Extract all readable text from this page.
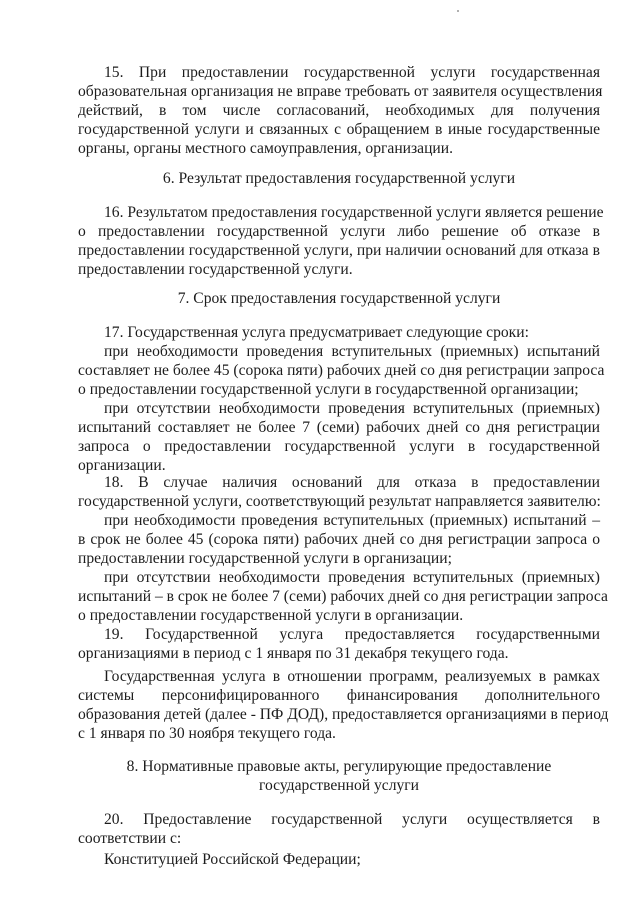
15. При предоставлении государственной услуги государственная
образовательная организация не вправе требовать от заявителя осуществления
действий, в том числе согласований, необходимых для получения
государственной услуги и связанных с обращением в иные государственные
органы, органы местного самоуправления, организации.
6. Результат предоставления государственной услуги
16. Результатом предоставления государственной услуги является решение
о предоставлении государственной услуги либо решение об отказе в
предоставлении государственной услуги, при наличии оснований для отказа в
предоставлении государственной услуги.
7. Срок предоставления государственной услуги
17. Государственная услуга предусматривает следующие сроки:
при необходимости проведения вступительных (приемных) испытаний
составляет не более 45 (сорока пяти) рабочих дней со дня регистрации запроса
о предоставлении государственной услуги в государственной организации;
при отсутствии необходимости проведения вступительных (приемных)
испытаний составляет не более 7 (семи) рабочих дней со дня регистрации
запроса о предоставлении государственной услуги в государственной
организации.
18. В случае наличия оснований для отказа в предоставлении
государственной услуги, соответствующий результат направляется заявителю:
при необходимости проведения вступительных (приемных) испытаний –
в срок не более 45 (сорока пяти) рабочих дней со дня регистрации запроса о
предоставлении государственной услуги в организации;
при отсутствии необходимости проведения вступительных (приемных)
испытаний – в срок не более 7 (семи) рабочих дней со дня регистрации запроса
о предоставлении государственной услуги в организации.
19. Государственной услуга предоставляется государственными
организациями в период с 1 января по 31 декабря текущего года.
Государственная услуга в отношении программ, реализуемых в рамках
системы персонифицированного финансирования дополнительного
образования детей (далее - ПФ ДОД), предоставляется организациями в период
с 1 января по 30 ноября текущего года.
8. Нормативные правовые акты, регулирующие предоставление
государственной услуги
20. Предоставление государственной услуги осуществляется в
соответствии с:
Конституцией Российской Федерации;
